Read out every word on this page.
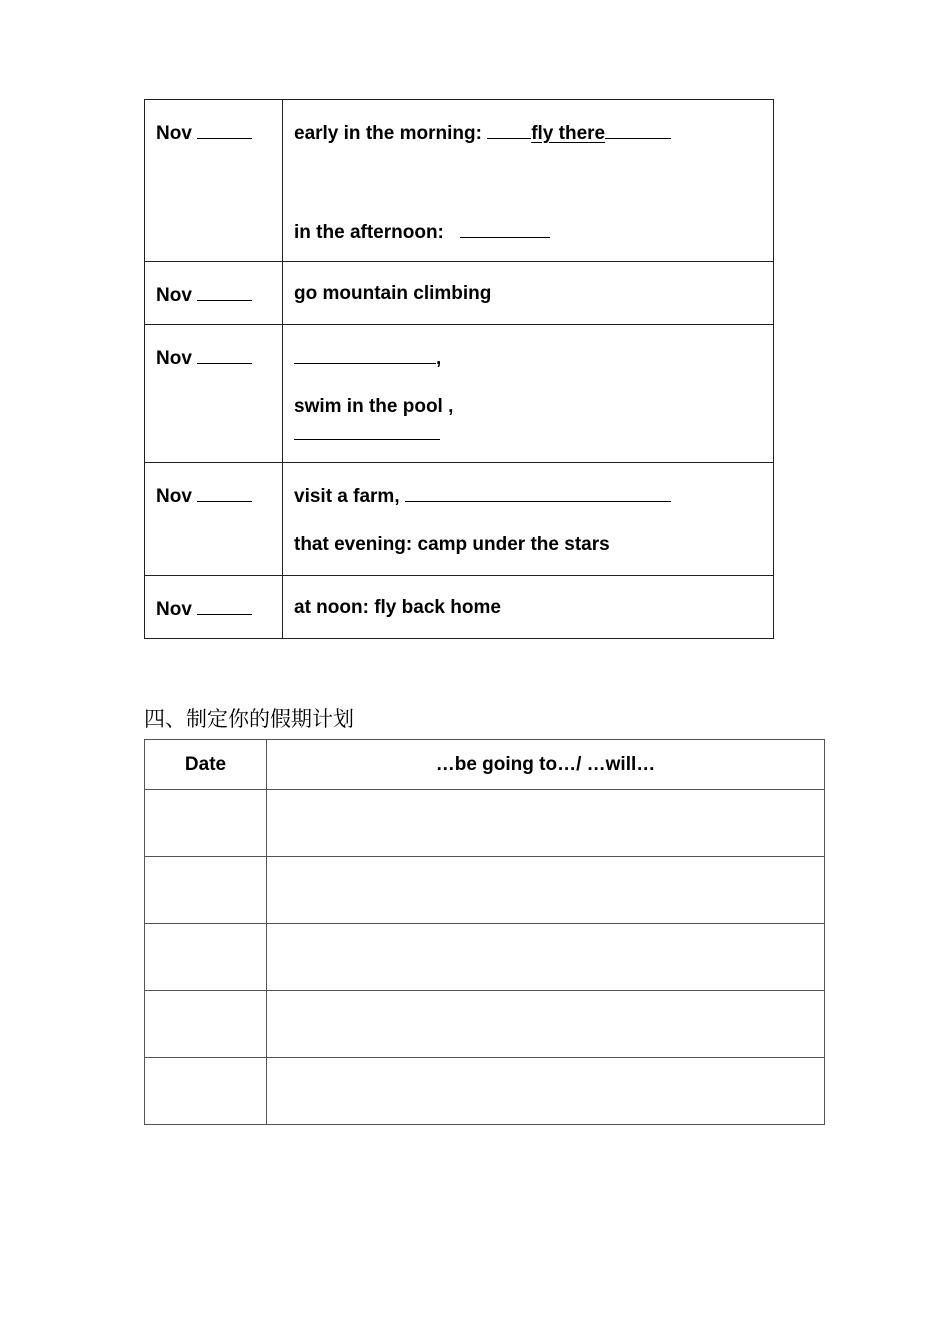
Nov	early in the morning: fly there
in the afternoon:

Nov	go mountain climbing

Nov	,
swim in the pool ,

Nov	visit a farm,
that evening: camp under the stars

Nov	at noon: fly back home
四、制定你的假期计划
Date	…be going to…/ …will…
